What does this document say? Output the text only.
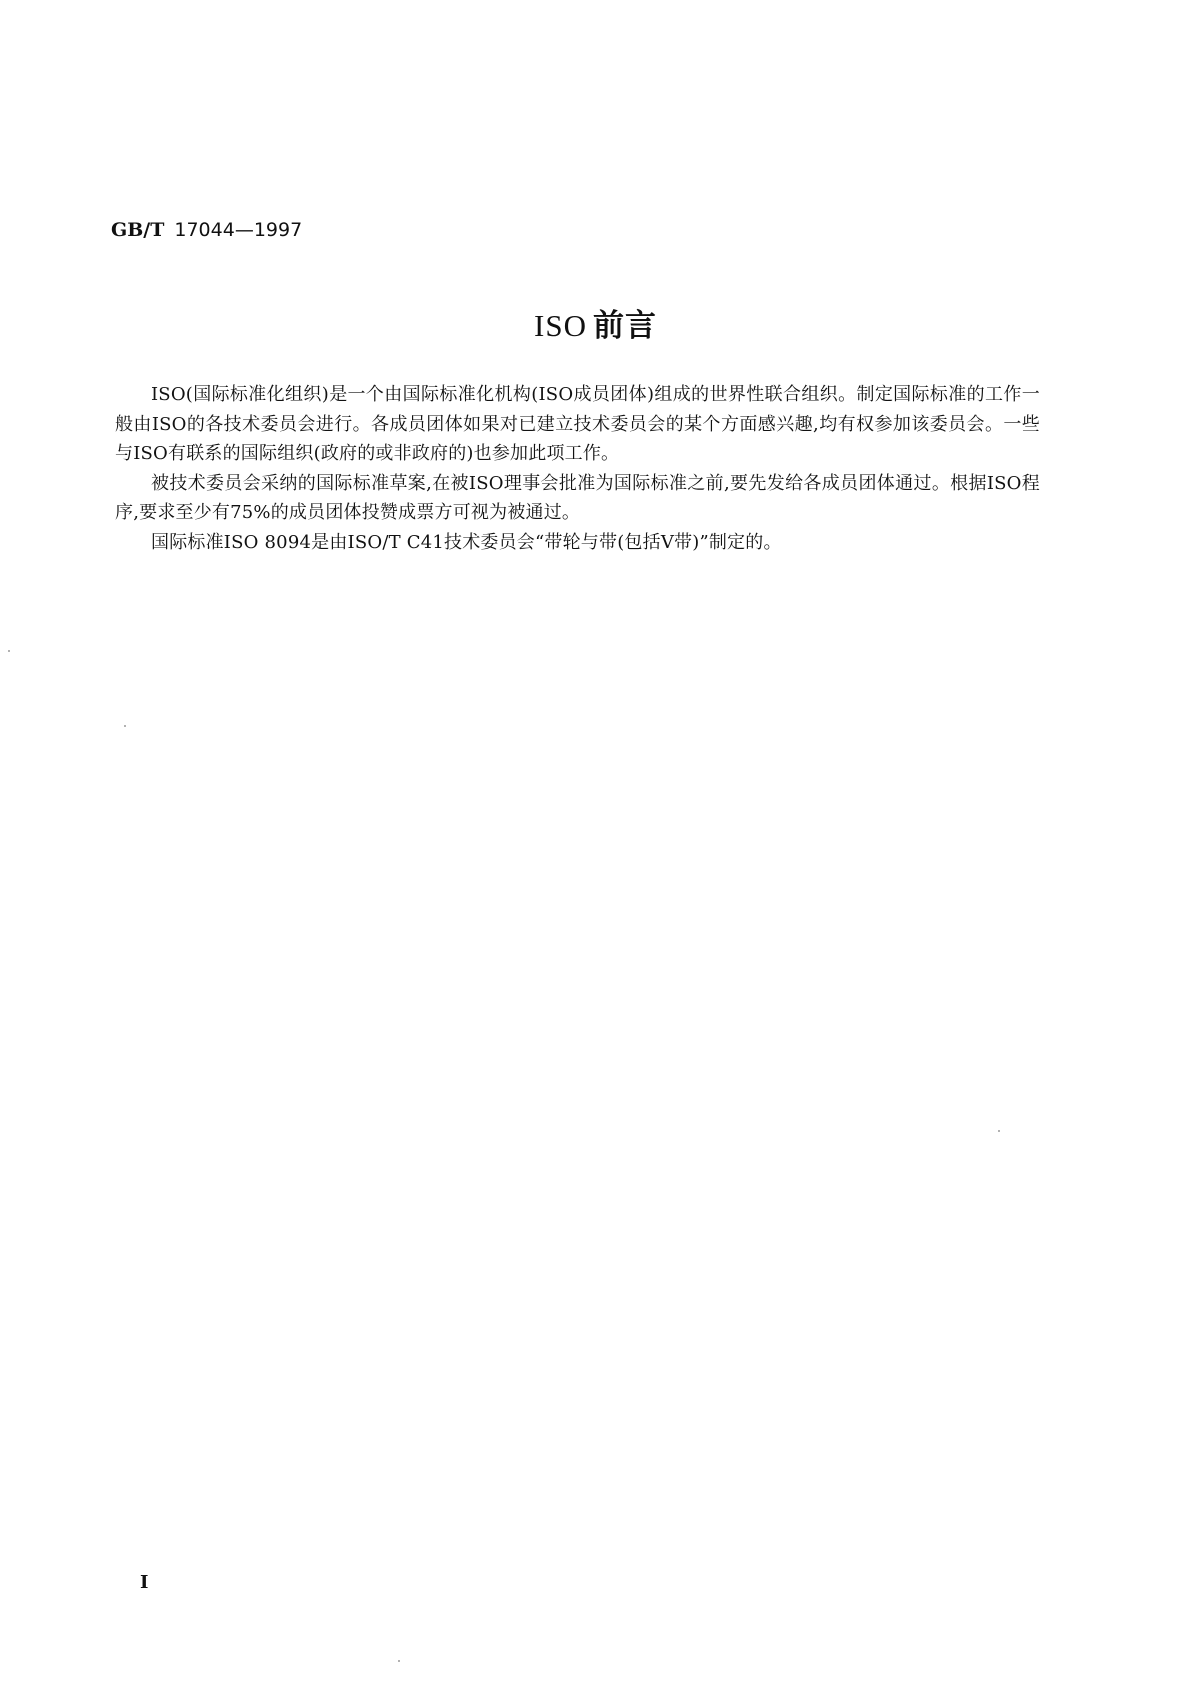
GB/T 17044—1997
ISO 前言

ISO(国际标准化组织)是一个由国际标准化机构(ISO成员团体)组成的世界性联合组织。制定国际标准的工作一般由ISO的各技术委员会进行。各成员团体如果对已建立技术委员会的某个方面感兴趣,均有权参加该委员会。一些与ISO有联系的国际组织(政府的或非政府的)也参加此项工作。

被技术委员会采纳的国际标准草案,在被ISO理事会批准为国际标准之前,要先发给各成员团体通过。根据ISO程序,要求至少有75%的成员团体投赞成票方可视为被通过。

国际标准ISO 8094是由ISO/T C41技术委员会“带轮与带(包括V带)”制定的。

I
